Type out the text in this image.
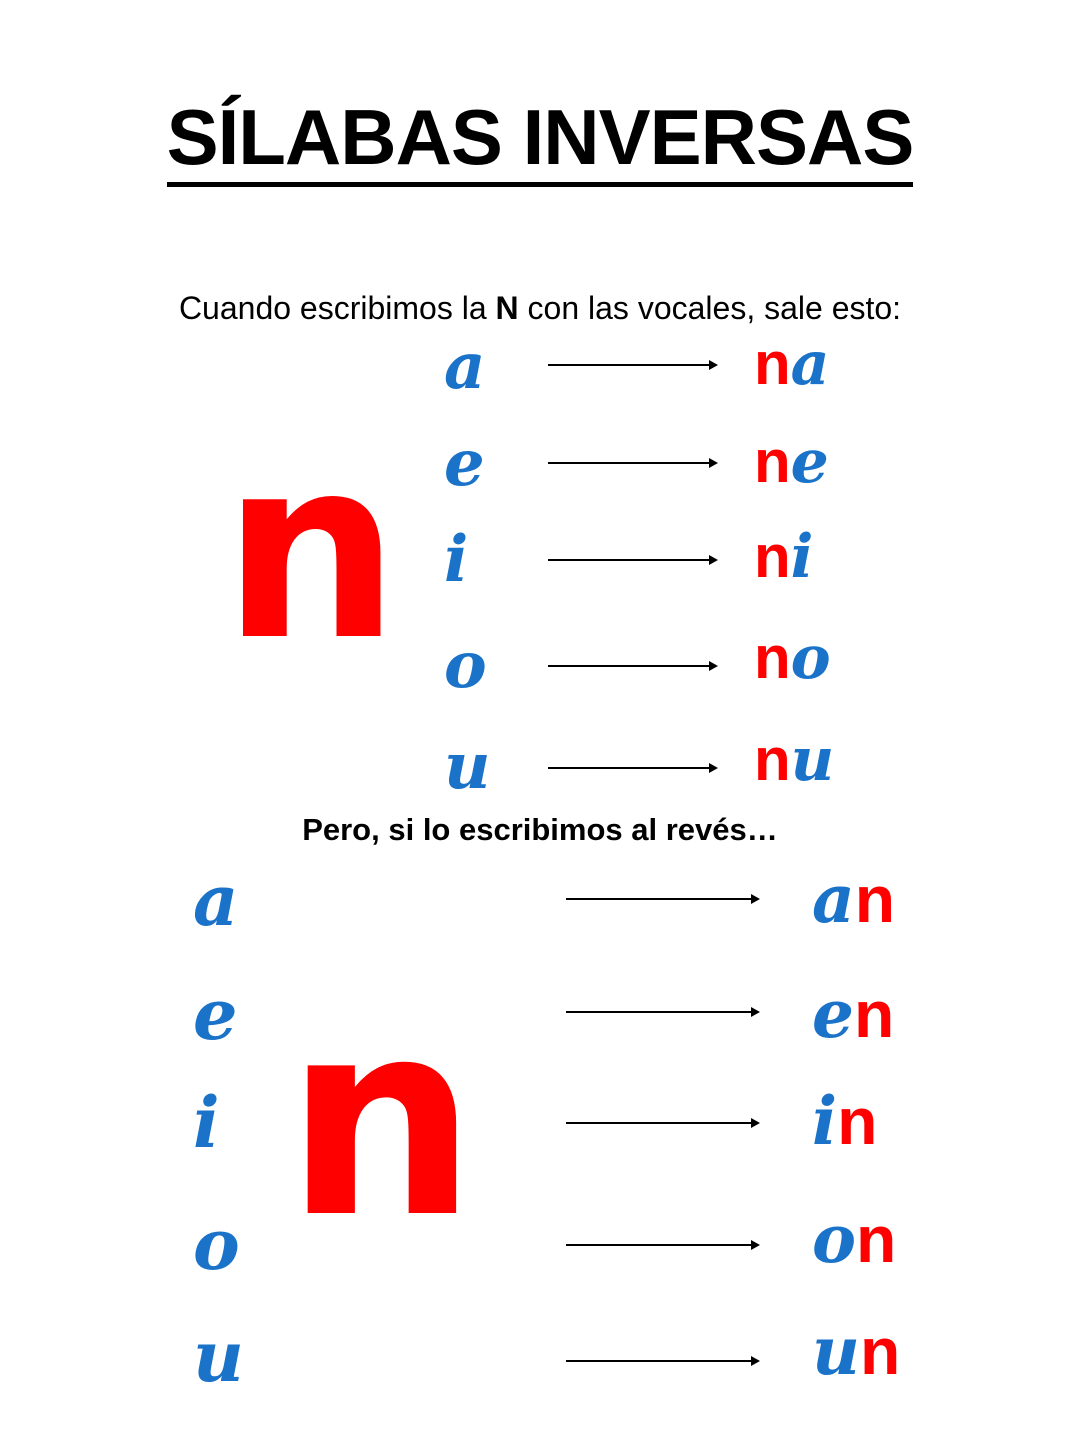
SÍLABAS INVERSAS
Cuando escribimos la N con las vocales, sale esto:
n
a	na
e	ne
i	ni
o	no
u	nu
Pero, si lo escribimos al revés…
n
a	an
e	en
i	in
o	on
u	un
